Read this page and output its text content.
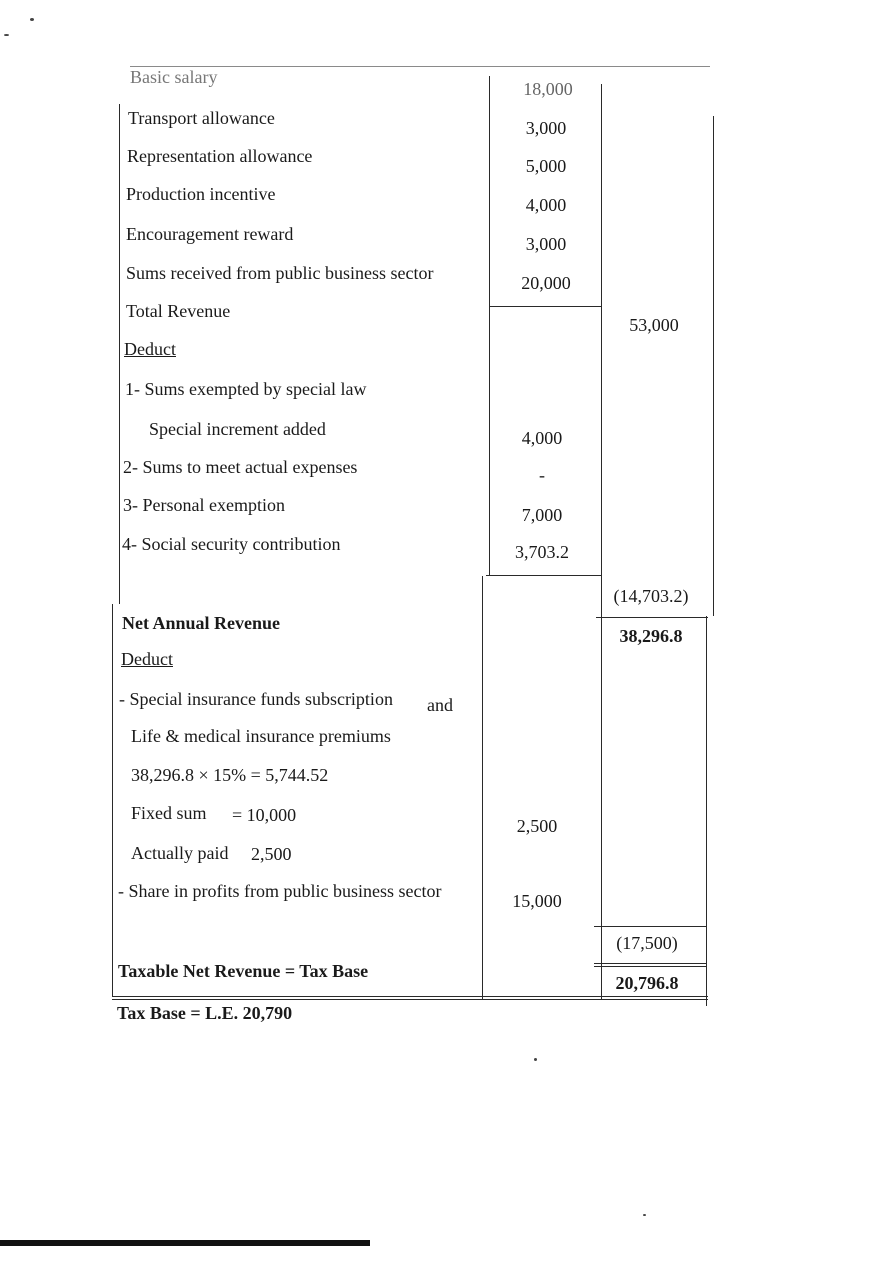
Basic salary
Transport allowance
Representation allowance
Production incentive
Encouragement reward
Sums received from public business sector
Total Revenue
Deduct
1- Sums exempted by special law
Special increment added
2- Sums to meet actual expenses
3- Personal exemption
4- Social security contribution
Net Annual Revenue
Deduct
- Special insurance funds subscription and
Life & medical insurance premiums
38,296.8 × 15% = 5,744.52
Fixed sum = 10,000
Actually paid 2,500
- Share in profits from public business sector
Taxable Net Revenue = Tax Base
18,000
3,000
5,000
4,000
3,000
20,000
4,000
-
7,000
3,703.2
2,500
15,000
53,000
(14,703.2)
38,296.8
(17,500)
20,796.8
Tax Base = L.E. 20,790
